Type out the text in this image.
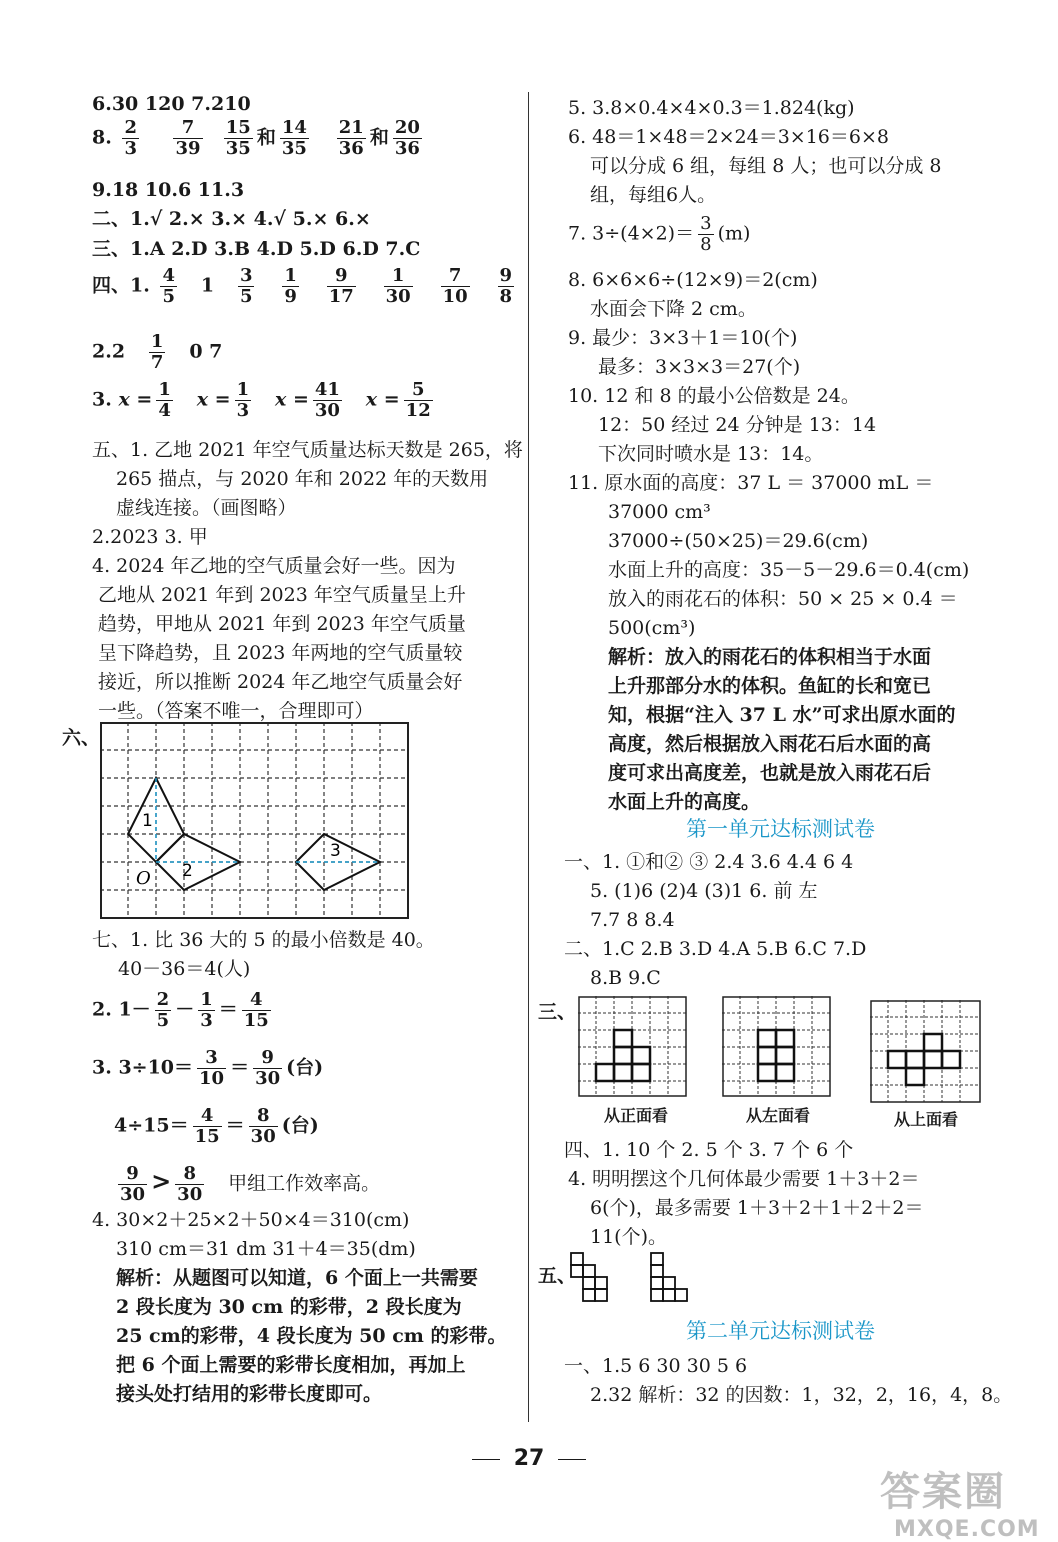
6.30 120 7.210
8. $\frac{2}{3}$
$\frac{7}{39}$
$\frac{15}{35}$ 和 $\frac{14}{35}$
$\frac{21}{36}$ 和 $\frac{20}{36}$
9.18 10.6 11.3
二、1.√ 2.× 3.× 4.√ 5.× 6.×
三、1.A 2.D 3.B 4.D 5.D 6.D 7.C
四、1. $\frac{4}{5} 1 \frac{3}{5}$
$\frac{1}{9}$
$\frac{9}{17}$
$\frac{1}{30}$
$\frac{7}{10}$
$\frac{9}{8}$
$2.2 \frac{1}{7} 0$ 7
3. $x = \frac{1}{4}$ $x = \frac{1}{3}$ $x = \frac{41}{30}$ $x = \frac{5}{12}$
五、1. 乙地 2021 年空气质量达标天数是 265，将
265 描点，与 2020 年和 2022 年的天数用
虚线连接。（画图略）
2.2023 3. 甲
4. 2024 年乙地的空气质量会好一些。因为
乙地从 2021 年到 2023 年空气质量呈上升
趋势，甲地从 2021 年到 2023 年空气质量
呈下降趋势，且 2023 年两地的空气质量较
接近，所以推断 2024 年乙地空气质量会好
一些。（答案不唯一，合理即可）
六、
1
2
3
O
七、1. 比 36 大的 5 的最小倍数是 40。
40－36＝4(人)
2. $1- \frac{2}{5} - \frac{1}{3} = \frac{4}{15}$
3. $3\div 10= \frac{3}{10} = \frac{9}{30}$ (台)
$4\div 15= \frac{4}{15} = \frac{8}{30}$ (台)
$\frac{9}{30} > \frac{8}{30}$ 甲组工作效率高。
4. 30×2＋25×2＋50×4＝310(cm)
310 cm＝31 dm 31＋4＝35(dm)
解析：从题图可以知道，6 个面上一共需要
2 段长度为 30 cm 的彩带，2 段长度为
25 cm的彩带，4 段长度为 50 cm 的彩带。
把 6 个面上需要的彩带长度相加，再加上
接头处打结用的彩带长度即可。
5. 3.8×0.4×4×0.3＝1.824(kg)
6. 48＝1×48＝2×24＝3×16＝6×8
可以分成 6 组，每组 8 人；也可以分成 8
组，每组6人。
7. $3\div(4\times 2)= \frac{3}{8} (m)$
8. 6×6×6÷(12×9)＝2(cm)
水面会下降 2 cm。
9. 最少：3×3＋1＝10(个)
最多：3×3×3＝27(个)
10. 12 和 8 的最小公倍数是 24。
12：50 经过 24 分钟是 13：14
下次同时喷水是 13：14。
11. 原水面的高度：37 L ＝ 37000 mL ＝
37000 cm³
37000÷(50×25)＝29.6(cm)
水面上升的高度：35－5－29.6＝0.4(cm)
放入的雨花石的体积：50 × 25 × 0.4 ＝
500(cm³)
解析：放入的雨花石的体积相当于水面
上升那部分水的体积。鱼缸的长和宽已
知，根据“注入 37 L 水”可求出原水面的
高度，然后根据放入雨花石后水面的高
度可求出高度差，也就是放入雨花石后
水面上升的高度。
第一单元达标测试卷
一、1. ①和② ③ 2.4 3.6 4.4 6 4
5. (1)6 (2)4 (3)1 6. 前 左
7.7 8 8.4
二、1.C 2.B 3.D 4.A 5.B 6.C 7.D
8.B 9.C
三、
从正面看	从左面看	从上面看
四、1. 10 个 2. 5 个 3. 7 个 6 个
4. 明明摆这个几何体最少需要 1＋3＋2＝
6(个)，最多需要 1＋3＋2＋1＋2＋2＝
11(个)。
五、
第二单元达标测试卷
一、1.5 6 30 30 5 6
2.32 解析：32 的因数：1，32，2，16，4，8。
27
答案圈
MXQE.COM
